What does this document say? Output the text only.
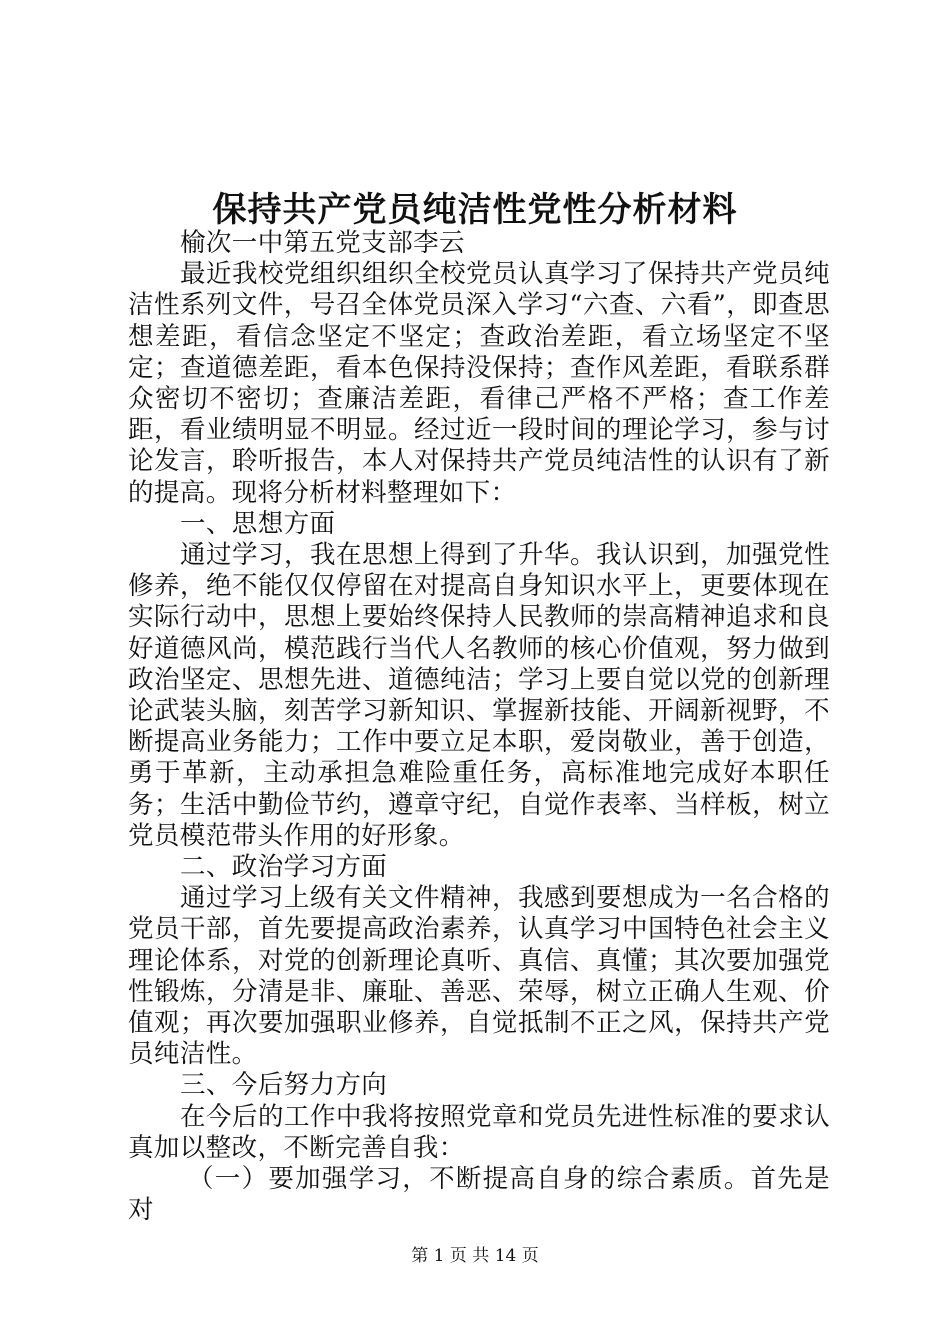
保持共产党员纯洁性党性分析材料

榆次一中第五党支部李云

最近我校党组织组织全校党员认真学习了保持共产党员纯洁性系列文件，号召全体党员深入学习“六查、六看”，即查思想差距，看信念坚定不坚定；查政治差距，看立场坚定不坚定；查道德差距，看本色保持没保持；查作风差距，看联系群众密切不密切；查廉洁差距，看律己严格不严格；查工作差距，看业绩明显不明显。经过近一段时间的理论学习，参与讨论发言，聆听报告，本人对保持共产党员纯洁性的认识有了新的提高。现将分析材料整理如下：

一、思想方面

通过学习，我在思想上得到了升华。我认识到，加强党性修养，绝不能仅仅停留在对提高自身知识水平上，更要体现在实际行动中，思想上要始终保持人民教师的崇高精神追求和良好道德风尚，模范践行当代人名教师的核心价值观，努力做到政治坚定、思想先进、道德纯洁；学习上要自觉以党的创新理论武装头脑，刻苦学习新知识、掌握新技能、开阔新视野，不断提高业务能力；工作中要立足本职，爱岗敬业，善于创造，勇于革新，主动承担急难险重任务，高标准地完成好本职任务；生活中勤俭节约，遵章守纪，自觉作表率、当样板，树立党员模范带头作用的好形象。

二、政治学习方面

通过学习上级有关文件精神，我感到要想成为一名合格的党员干部，首先要提高政治素养，认真学习中国特色社会主义理论体系，对党的创新理论真听、真信、真懂；其次要加强党性锻炼，分清是非、廉耻、善恶、荣辱，树立正确人生观、价值观；再次要加强职业修养，自觉抵制不正之风，保持共产党员纯洁性。

三、今后努力方向

在今后的工作中我将按照党章和党员先进性标准的要求认真加以整改，不断完善自我：

（一）要加强学习，不断提高自身的综合素质。首先是对

第 1 页 共 14 页
